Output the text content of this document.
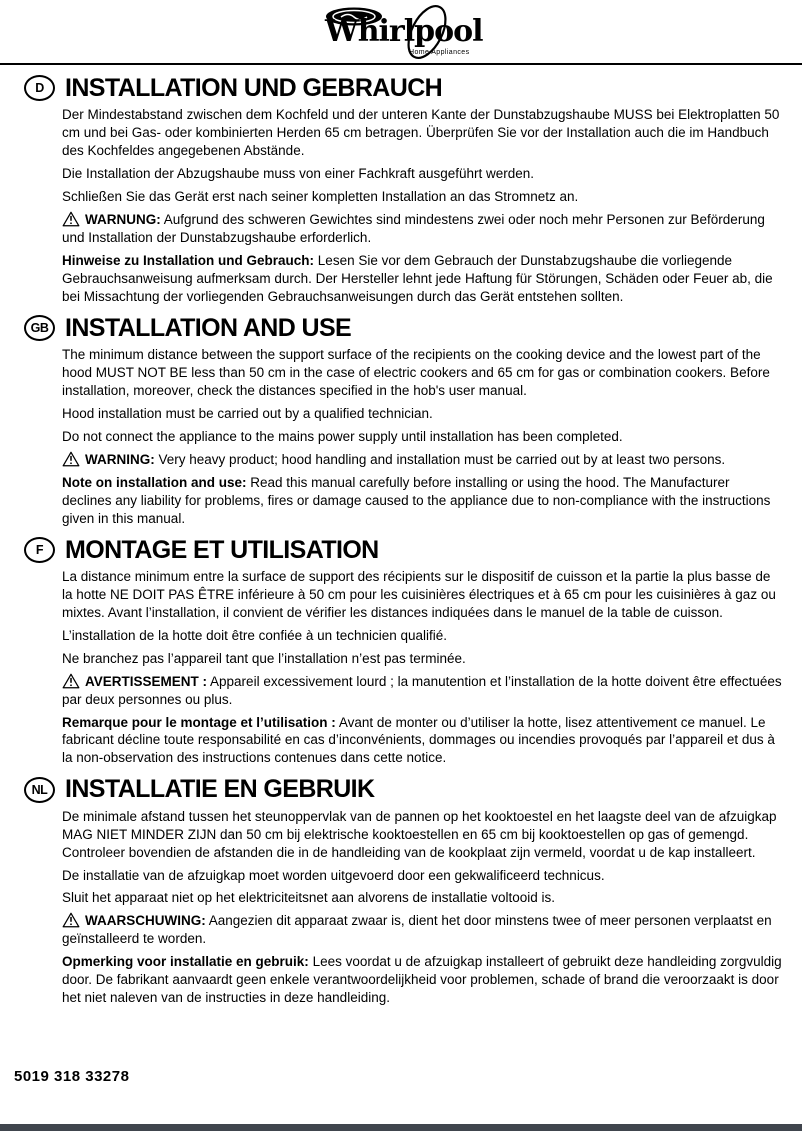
Whirlpool
Home Appliances
D INSTALLATION UND GEBRAUCH

Der Mindestabstand zwischen dem Kochfeld und der unteren Kante der Dunstabzugshaube MUSS bei Elektroplatten 50 cm und bei Gas- oder kombinierten Herden 65 cm betragen. Überprüfen Sie vor der Installation auch die im Handbuch des Kochfeldes angegebenen Abstände.

Die Installation der Abzugshaube muss von einer Fachkraft ausgeführt werden.

Schließen Sie das Gerät erst nach seiner kompletten Installation an das Stromnetz an.

WARNUNG: Aufgrund des schweren Gewichtes sind mindestens zwei oder noch mehr Personen zur Beförderung und Installation der Dunstabzugshaube erforderlich.

Hinweise zu Installation und Gebrauch: Lesen Sie vor dem Gebrauch der Dunstabzugshaube die vorliegende Gebrauchsanweisung aufmerksam durch. Der Hersteller lehnt jede Haftung für Störungen, Schäden oder Feuer ab, die bei Missachtung der vorliegenden Gebrauchsanweisungen durch das Gerät entstehen sollten.

GB INSTALLATION AND USE

The minimum distance between the support surface of the recipients on the cooking device and the lowest part of the hood MUST NOT BE less than 50 cm in the case of electric cookers and 65 cm for gas or combination cookers. Before installation, moreover, check the distances specified in the hob's user manual.

Hood installation must be carried out by a qualified technician.

Do not connect the appliance to the mains power supply until installation has been completed.

WARNING: Very heavy product; hood handling and installation must be carried out by at least two persons.

Note on installation and use: Read this manual carefully before installing or using the hood. The Manufacturer declines any liability for problems, fires or damage caused to the appliance due to non-compliance with the instructions given in this manual.

F MONTAGE ET UTILISATION

La distance minimum entre la surface de support des récipients sur le dispositif de cuisson et la partie la plus basse de la hotte NE DOIT PAS ÊTRE inférieure à 50 cm pour les cuisinières électriques et à 65 cm pour les cuisinières à gaz ou mixtes. Avant l’installation, il convient de vérifier les distances indiquées dans le manuel de la table de cuisson.

L’installation de la hotte doit être confiée à un technicien qualifié.

Ne branchez pas l’appareil tant que l’installation n’est pas terminée.

AVERTISSEMENT : Appareil excessivement lourd ; la manutention et l’installation de la hotte doivent être effectuées par deux personnes ou plus.

Remarque pour le montage et l’utilisation : Avant de monter ou d’utiliser la hotte, lisez attentivement ce manuel. Le fabricant décline toute responsabilité en cas d’inconvénients, dommages ou incendies provoqués par l’appareil et dus à la non-observation des instructions contenues dans cette notice.

NL INSTALLATIE EN GEBRUIK

De minimale afstand tussen het steunoppervlak van de pannen op het kooktoestel en het laagste deel van de afzuigkap MAG NIET MINDER ZIJN dan 50 cm bij elektrische kooktoestellen en 65 cm bij kooktoestellen op gas of gemengd. Controleer bovendien de afstanden die in de handleiding van de kookplaat zijn vermeld, voordat u de kap installeert.

De installatie van de afzuigkap moet worden uitgevoerd door een gekwalificeerd technicus.

Sluit het apparaat niet op het elektriciteitsnet aan alvorens de installatie voltooid is.

WAARSCHUWING: Aangezien dit apparaat zwaar is, dient het door minstens twee of meer personen verplaatst en geïnstalleerd te worden.

Opmerking voor installatie en gebruik: Lees voordat u de afzuigkap installeert of gebruikt deze handleiding zorgvuldig door. De fabrikant aanvaardt geen enkele verantwoordelijkheid voor problemen, schade of brand die veroorzaakt is door het niet naleven van de instructies in deze handleiding.

5019 318 33278
